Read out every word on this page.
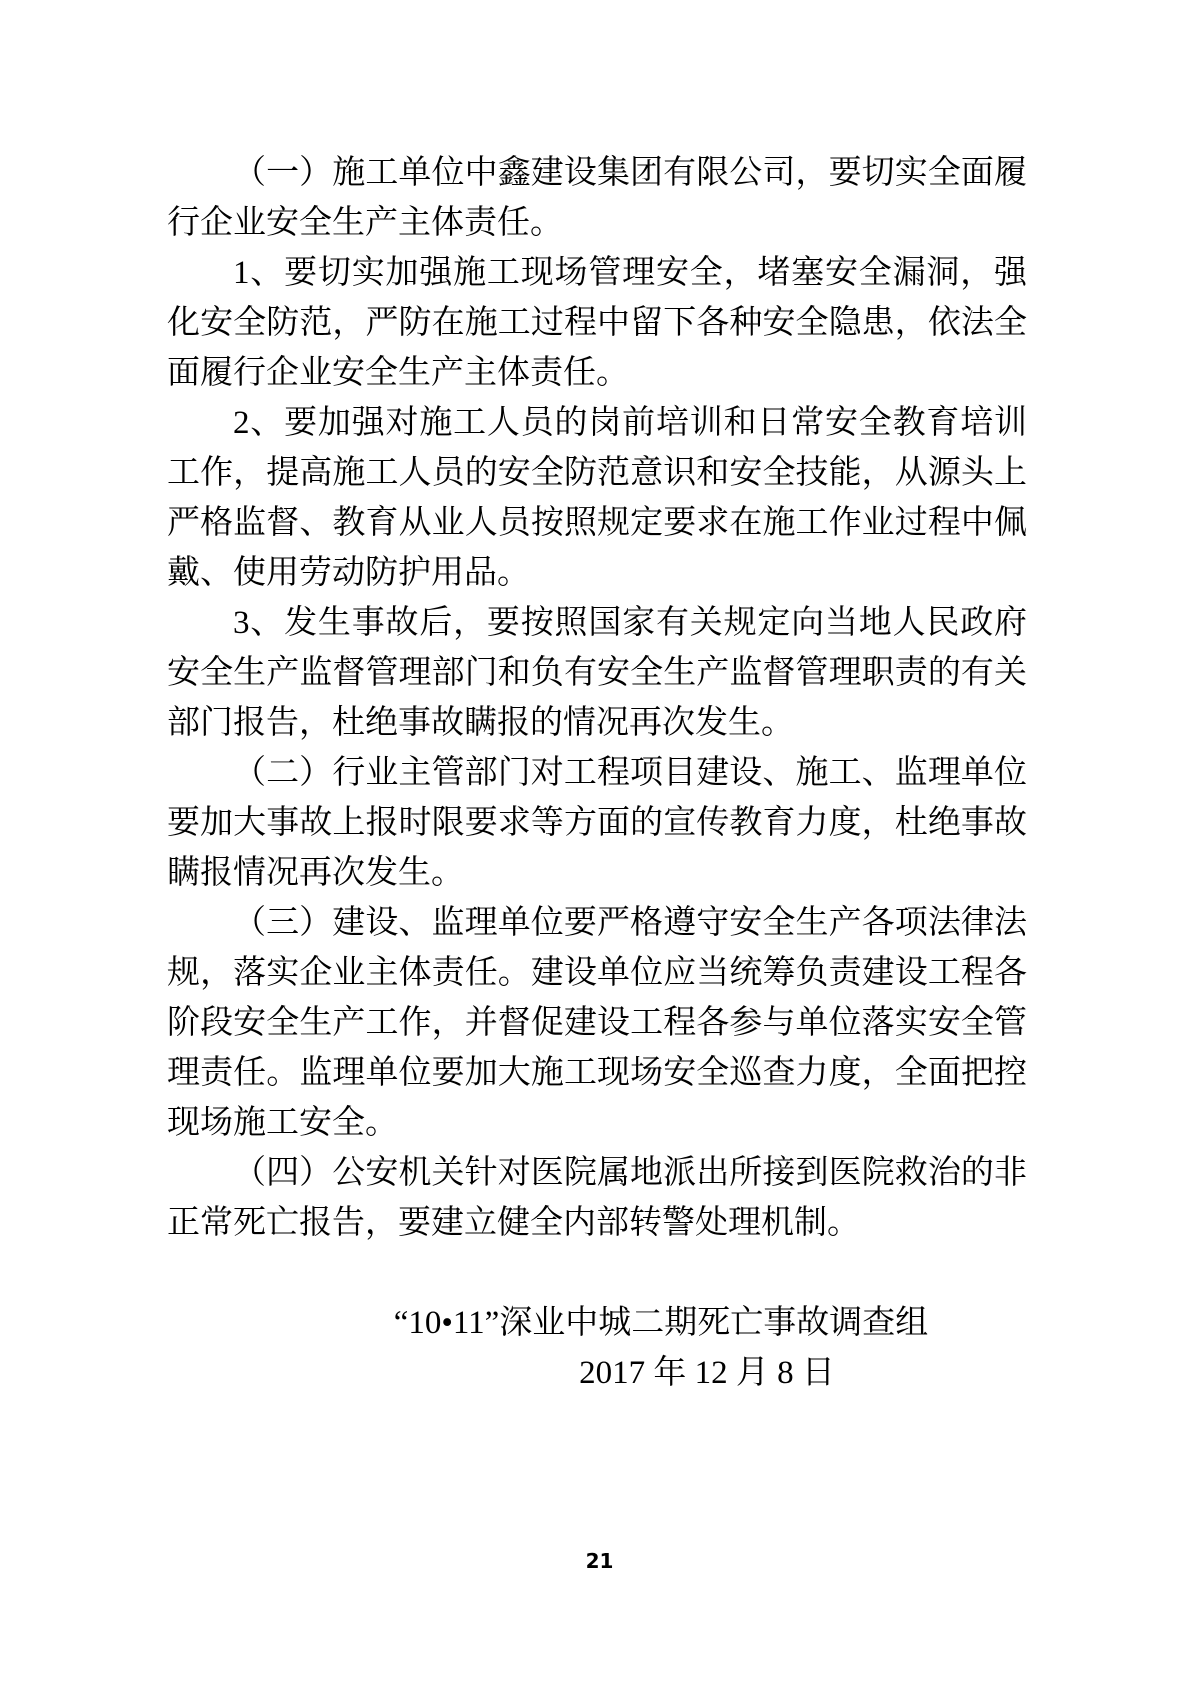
（一）施工单位中鑫建设集团有限公司，要切实全面履行企业安全生产主体责任。

1、要切实加强施工现场管理安全，堵塞安全漏洞，强化安全防范，严防在施工过程中留下各种安全隐患，依法全面履行企业安全生产主体责任。

2、要加强对施工人员的岗前培训和日常安全教育培训工作，提高施工人员的安全防范意识和安全技能，从源头上严格监督、教育从业人员按照规定要求在施工作业过程中佩戴、使用劳动防护用品。

3、发生事故后，要按照国家有关规定向当地人民政府安全生产监督管理部门和负有安全生产监督管理职责的有关部门报告，杜绝事故瞒报的情况再次发生。

（二）行业主管部门对工程项目建设、施工、监理单位要加大事故上报时限要求等方面的宣传教育力度，杜绝事故瞒报情况再次发生。

（三）建设、监理单位要严格遵守安全生产各项法律法规，落实企业主体责任。建设单位应当统筹负责建设工程各阶段安全生产工作，并督促建设工程各参与单位落实安全管理责任。监理单位要加大施工现场安全巡查力度，全面把控现场施工安全。

（四）公安机关针对医院属地派出所接到医院救治的非正常死亡报告，要建立健全内部转警处理机制。

“10•11”深业中城二期死亡事故调查组

2017 年 12 月 8 日

21
